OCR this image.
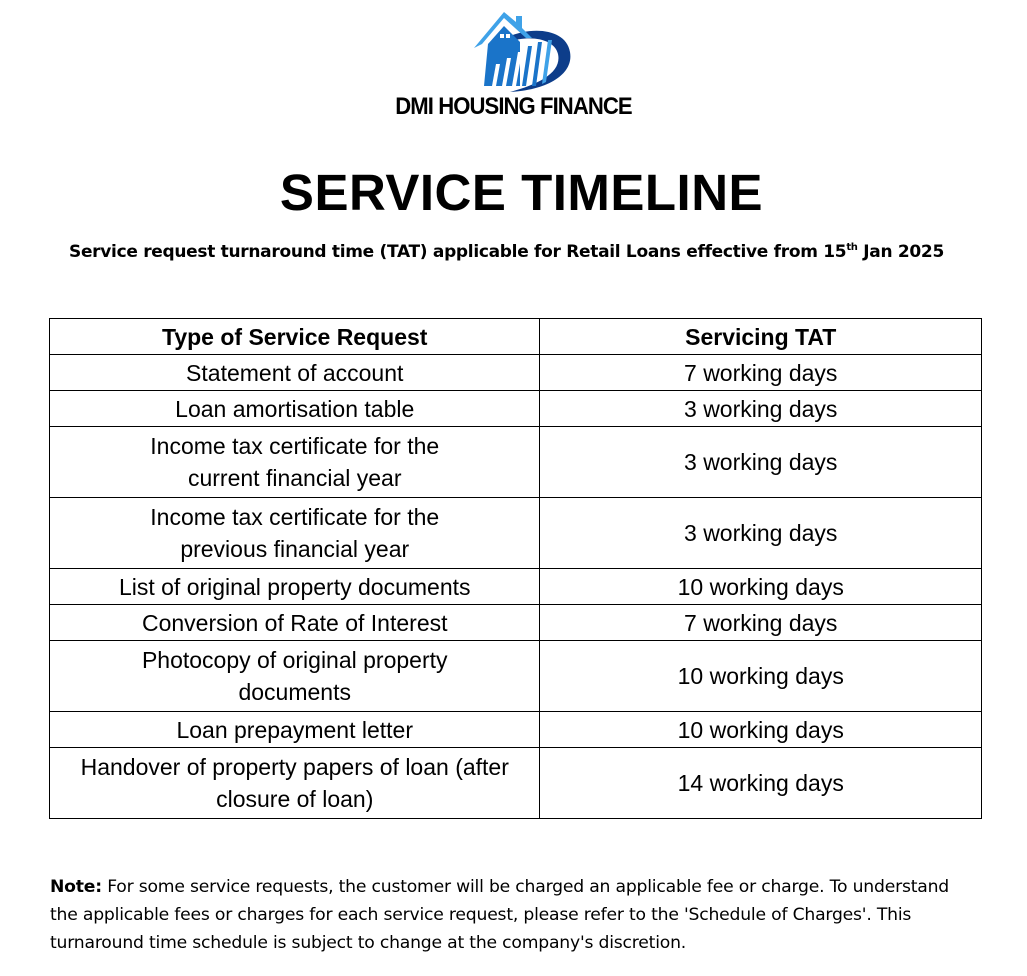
DMI HOUSING FINANCE
SERVICE TIMELINE
Service request turnaround time (TAT) applicable for Retail Loans effective from 15th Jan 2025
Type of Service Request	Servicing TAT
Statement of account	7 working days
Loan amortisation table	3 working days
Income tax certificate for the current financial year	3 working days
Income tax certificate for the previous financial year	3 working days
List of original property documents	10 working days
Conversion of Rate of Interest	7 working days
Photocopy of original property documents	10 working days
Loan prepayment letter	10 working days
Handover of property papers of loan (after closure of loan)	14 working days
Note: For some service requests, the customer will be charged an applicable fee or charge. To understand the applicable fees or charges for each service request, please refer to the 'Schedule of Charges'. This turnaround time schedule is subject to change at the company's discretion.
